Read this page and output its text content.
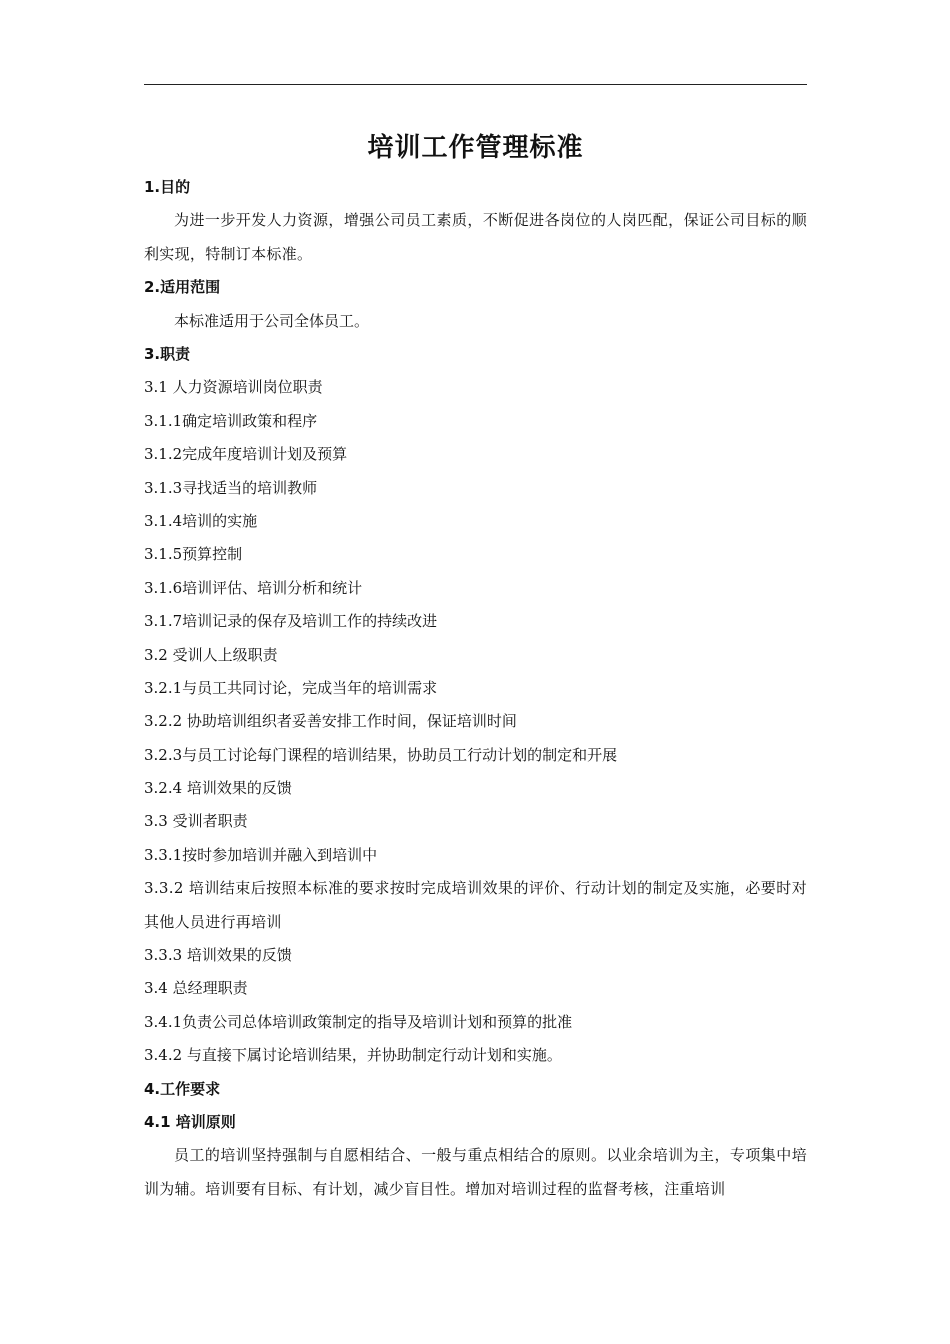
培训工作管理标准
1.目的
为进一步开发人力资源，增强公司员工素质，不断促进各岗位的人岗匹配，保证公司目标的顺利实现，特制订本标准。
2.适用范围
本标准适用于公司全体员工。
3.职责
3.1 人力资源培训岗位职责
3.1.1确定培训政策和程序
3.1.2完成年度培训计划及预算
3.1.3寻找适当的培训教师
3.1.4培训的实施
3.1.5预算控制
3.1.6培训评估、培训分析和统计
3.1.7培训记录的保存及培训工作的持续改进
3.2 受训人上级职责
3.2.1与员工共同讨论，完成当年的培训需求
3.2.2 协助培训组织者妥善安排工作时间，保证培训时间
3.2.3与员工讨论每门课程的培训结果，协助员工行动计划的制定和开展
3.2.4 培训效果的反馈
3.3 受训者职责
3.3.1按时参加培训并融入到培训中
3.3.2 培训结束后按照本标准的要求按时完成培训效果的评价、行动计划的制定及实施，必要时对其他人员进行再培训
3.3.3 培训效果的反馈
3.4 总经理职责
3.4.1负责公司总体培训政策制定的指导及培训计划和预算的批准
3.4.2 与直接下属讨论培训结果，并协助制定行动计划和实施。
4.工作要求
4.1 培训原则
员工的培训坚持强制与自愿相结合、一般与重点相结合的原则。以业余培训为主，专项集中培训为辅。培训要有目标、有计划，减少盲目性。增加对培训过程的监督考核，注重培训
